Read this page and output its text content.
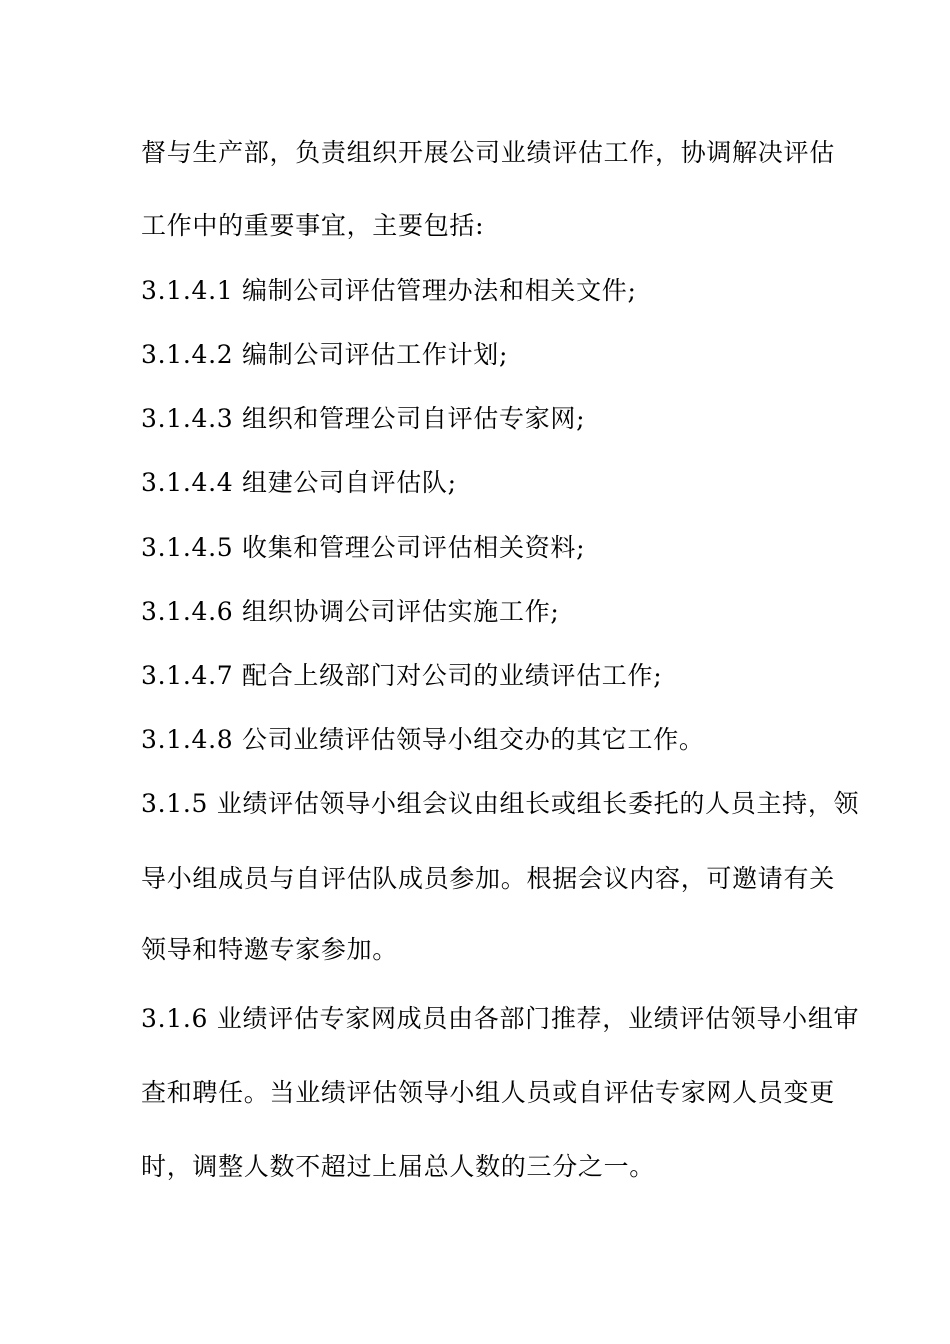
督与生产部，负责组织开展公司业绩评估工作，协调解决评估
工作中的重要事宜，主要包括:
3.1.4.1 编制公司评估管理办法和相关文件;
3.1.4.2 编制公司评估工作计划;
3.1.4.3 组织和管理公司自评估专家网;
3.1.4.4 组建公司自评估队;
3.1.4.5 收集和管理公司评估相关资料;
3.1.4.6 组织协调公司评估实施工作;
3.1.4.7 配合上级部门对公司的业绩评估工作;
3.1.4.8 公司业绩评估领导小组交办的其它工作。
3.1.5 业绩评估领导小组会议由组长或组长委托的人员主持，领
导小组成员与自评估队成员参加。根据会议内容，可邀请有关
领导和特邀专家参加。
3.1.6 业绩评估专家网成员由各部门推荐，业绩评估领导小组审
查和聘任。当业绩评估领导小组人员或自评估专家网人员变更
时，调整人数不超过上届总人数的三分之一。
